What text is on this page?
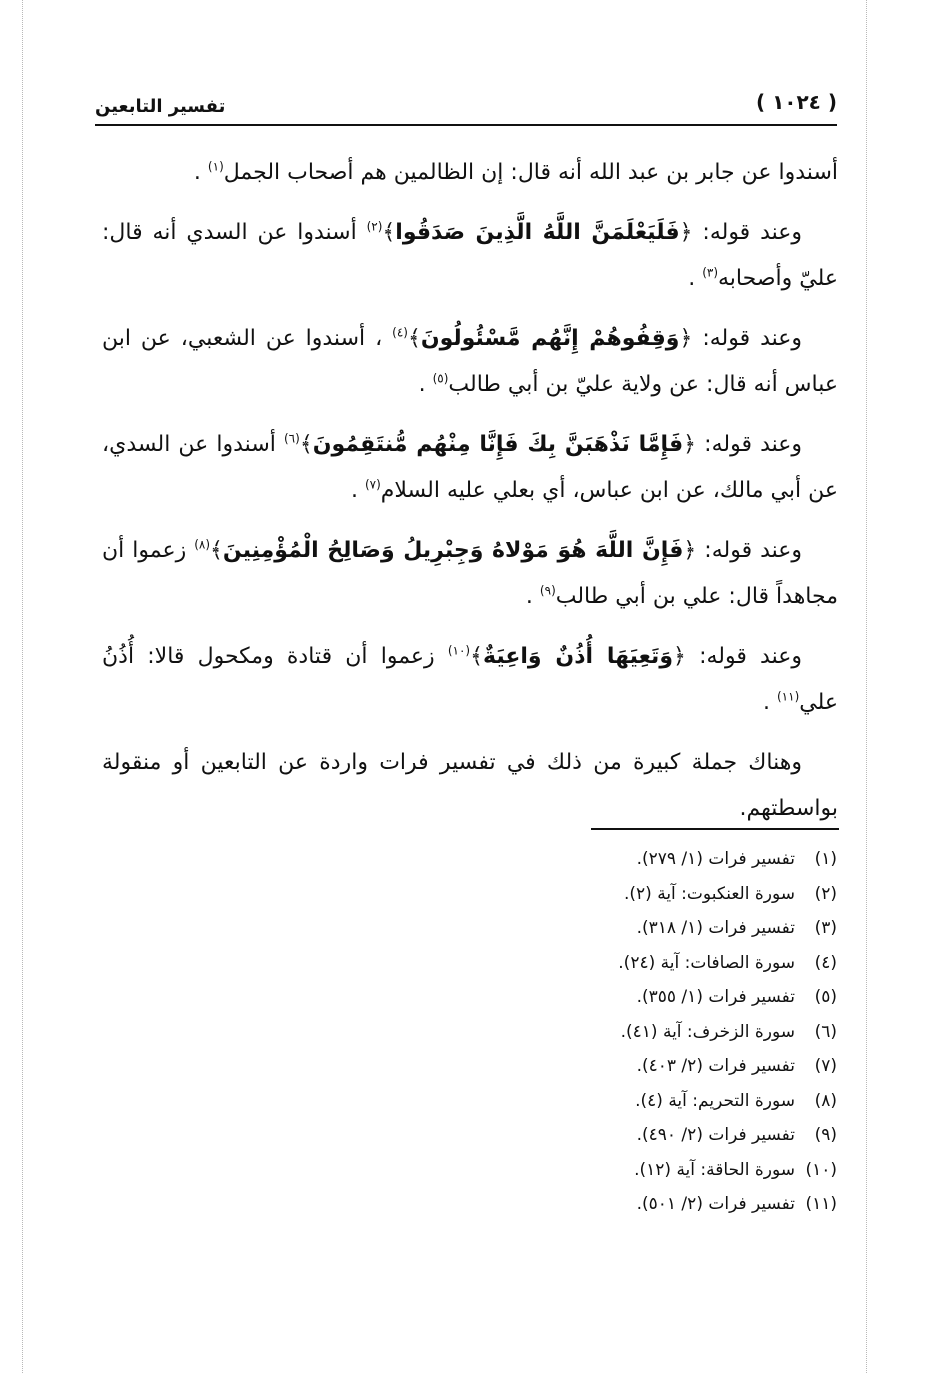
( ١٠٢٤ )
تفسير التابعين

أسندوا عن جابر بن عبد الله أنه قال: إن الظالمين هم أصحاب الجمل$^{(١)}$ .

وعند قوله: ﴿فَلَيَعْلَمَنَّ اللَّهُ الَّذِينَ صَدَقُوا﴾$^{(٢)}$ أسندوا عن السدي أنه قال: عليّ وأصحابه$^{(٣)}$ .

وعند قوله: ﴿وَقِفُوهُمْ إِنَّهُم مَّسْئُولُونَ﴾$^{(٤)}$ ، أسندوا عن الشعبي، عن ابن عباس أنه قال: عن ولاية عليّ بن أبي طالب$^{(٥)}$ .

وعند قوله: ﴿فَإِمَّا نَذْهَبَنَّ بِكَ فَإِنَّا مِنْهُم مُّنتَقِمُونَ﴾$^{(٦)}$ أسندوا عن السدي، عن أبي مالك، عن ابن عباس، أي بعلي عليه السلام$^{(٧)}$ .

وعند قوله: ﴿فَإِنَّ اللَّهَ هُوَ مَوْلاهُ وَجِبْرِيلُ وَصَالِحُ الْمُؤْمِنِينَ﴾$^{(٨)}$ زعموا أن مجاهداً قال: علي بن أبي طالب$^{(٩)}$ .

وعند قوله: ﴿وَتَعِيَهَا أُذُنٌ وَاعِيَةٌ﴾$^{(١٠)}$ زعموا أن قتادة ومكحول قالا: أُذُنُ علي$^{(١١)}$ .

وهناك جملة كبيرة من ذلك في تفسير فرات واردة عن التابعين أو منقولة بواسطتهم.

(١)تفسير فرات (١/ ٢٧٩).
(٢)سورة العنكبوت: آية (٢).
(٣)تفسير فرات (١/ ٣١٨).
(٤)سورة الصافات: آية (٢٤).
(٥)تفسير فرات (١/ ٣٥٥).
(٦)سورة الزخرف: آية (٤١).
(٧)تفسير فرات (٢/ ٤٠٣).
(٨)سورة التحريم: آية (٤).
(٩)تفسير فرات (٢/ ٤٩٠).
(١٠)سورة الحاقة: آية (١٢).
(١١)تفسير فرات (٢/ ٥٠١).
